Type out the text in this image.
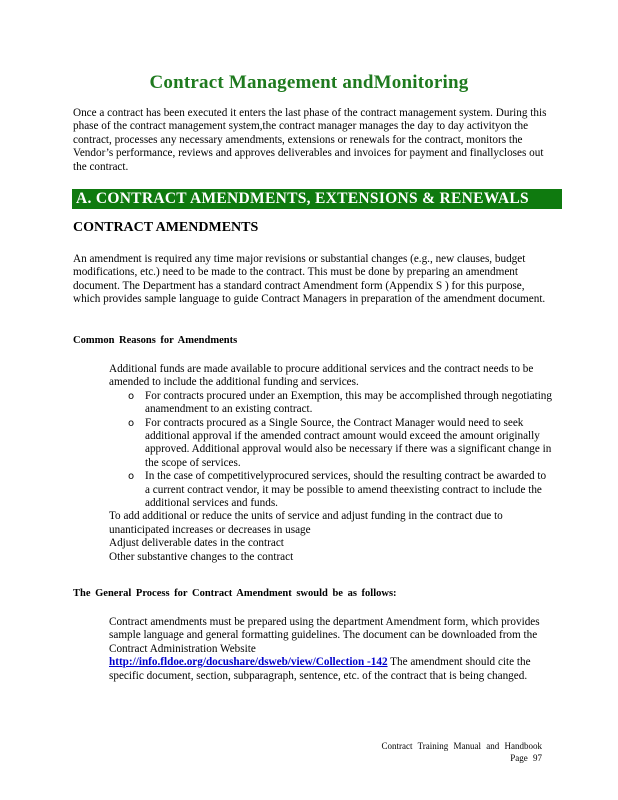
Contract Management andMonitoring
Once a contract has been executed it enters the last phase of the contract management system. During this phase of the contract management system,the contract manager manages the day to day activityon the contract, processes any necessary amendments, extensions or renewals for the contract, monitors the Vendor’s performance, reviews and approves deliverables and invoices for payment and finallycloses out the contract.
A. CONTRACT AMENDMENTS, EXTENSIONS & RENEWALS
CONTRACT AMENDMENTS
An amendment is required any time major revisions or substantial changes (e.g., new clauses, budget modifications, etc.) need to be made to the contract. This must be done by preparing an amendment document. The Department has a standard contract Amendment form (Appendix S ) for this purpose, which provides sample language to guide Contract Managers in preparation of the amendment document.
Common Reasons for Amendments
Additional funds are made available to procure additional services and the contract needs to be amended to include the additional funding and services.
o For contracts procured under an Exemption, this may be accomplished through negotiating anamendment to an existing contract.
o For contracts procured as a Single Source, the Contract Manager would need to seek additional approval if the amended contract amount would exceed the amount originally approved. Additional approval would also be necessary if there was a significant change in the scope of services.
o In the case of competitivelyprocured services, should the resulting contract be awarded to a current contract vendor, it may be possible to amend theexisting contract to include the additional services and funds.
To add additional or reduce the units of service and adjust funding in the contract due to unanticipated increases or decreases in usage
Adjust deliverable dates in the contract
Other substantive changes to the contract
The General Process for Contract Amendment swould be as follows:
Contract amendments must be prepared using the department Amendment form, which provides sample language and general formatting guidelines. The document can be downloaded from the Contract Administration Website
http://info.fldoe.org/docushare/dsweb/view/Collection -142 The amendment should cite the specific document, section, subparagraph, sentence, etc. of the contract that is being changed.
Contract Training Manual and Handbook
Page 97
